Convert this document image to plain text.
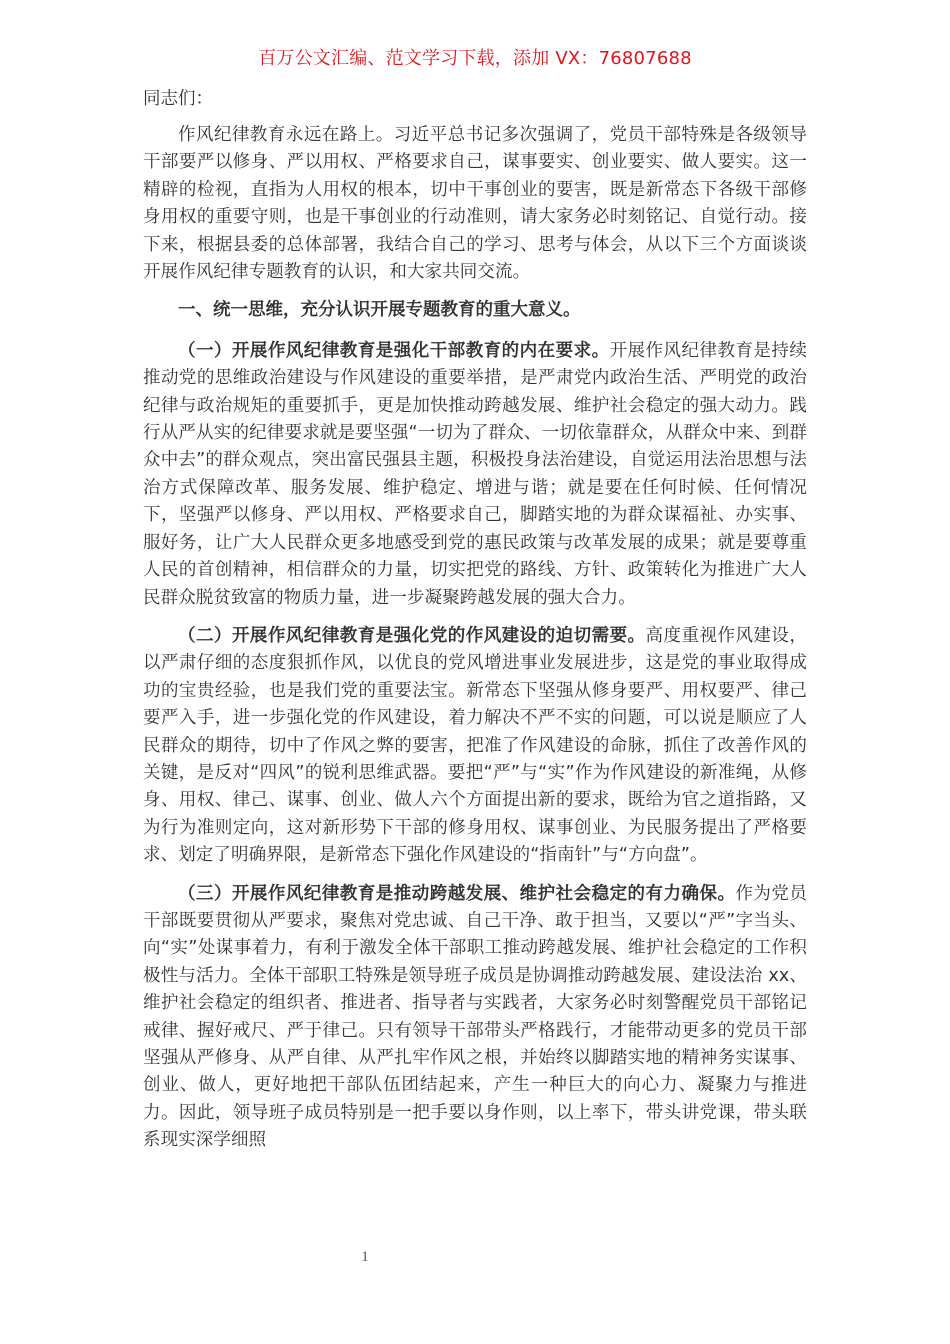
百万公文汇编、范文学习下载，添加 VX：76807688
同志们：

作风纪律教育永远在路上。习近平总书记多次强调了，党员干部特殊是各级领导干部要严以修身、严以用权、严格要求自己，谋事要实、创业要实、做人要实。这一精辟的检视，直指为人用权的根本，切中干事创业的要害，既是新常态下各级干部修身用权的重要守则，也是干事创业的行动准则，请大家务必时刻铭记、自觉行动。接下来，根据县委的总体部署，我结合自己的学习、思考与体会，从以下三个方面谈谈开展作风纪律专题教育的认识，和大家共同交流。

一、统一思维，充分认识开展专题教育的重大意义。

（一）开展作风纪律教育是强化干部教育的内在要求。开展作风纪律教育是持续推动党的思维政治建设与作风建设的重要举措，是严肃党内政治生活、严明党的政治纪律与政治规矩的重要抓手，更是加快推动跨越发展、维护社会稳定的强大动力。践行从严从实的纪律要求就是要坚强“一切为了群众、一切依靠群众，从群众中来、到群众中去”的群众观点，突出富民强县主题，积极投身法治建设，自觉运用法治思想与法治方式保障改革、服务发展、维护稳定、增进与谐；就是要在任何时候、任何情况下，坚强严以修身、严以用权、严格要求自己，脚踏实地的为群众谋福祉、办实事、服好务，让广大人民群众更多地感受到党的惠民政策与改革发展的成果；就是要尊重人民的首创精神，相信群众的力量，切实把党的路线、方针、政策转化为推进广大人民群众脱贫致富的物质力量，进一步凝聚跨越发展的强大合力。

（二）开展作风纪律教育是强化党的作风建设的迫切需要。高度重视作风建设，以严肃仔细的态度狠抓作风，以优良的党风增进事业发展进步，这是党的事业取得成功的宝贵经验，也是我们党的重要法宝。新常态下坚强从修身要严、用权要严、律己要严入手，进一步强化党的作风建设，着力解决不严不实的问题，可以说是顺应了人民群众的期待，切中了作风之弊的要害，把准了作风建设的命脉，抓住了改善作风的关键，是反对“四风”的锐利思维武器。要把“严”与“实”作为作风建设的新准绳，从修身、用权、律己、谋事、创业、做人六个方面提出新的要求，既给为官之道指路，又为行为准则定向，这对新形势下干部的修身用权、谋事创业、为民服务提出了严格要求、划定了明确界限，是新常态下强化作风建设的“指南针”与“方向盘”。

（三）开展作风纪律教育是推动跨越发展、维护社会稳定的有力确保。作为党员干部既要贯彻从严要求，聚焦对党忠诚、自己干净、敢于担当，又要以“严”字当头、向“实”处谋事着力，有利于激发全体干部职工推动跨越发展、维护社会稳定的工作积极性与活力。全体干部职工特殊是领导班子成员是协调推动跨越发展、建设法治 xx、维护社会稳定的组织者、推进者、指导者与实践者，大家务必时刻警醒党员干部铭记戒律、握好戒尺、严于律己。只有领导干部带头严格践行，才能带动更多的党员干部坚强从严修身、从严自律、从严扎牢作风之根，并始终以脚踏实地的精神务实谋事、创业、做人，更好地把干部队伍团结起来，产生一种巨大的向心力、凝聚力与推进力。因此，领导班子成员特别是一把手要以身作则，以上率下，带头讲党课，带头联系现实深学细照

1
